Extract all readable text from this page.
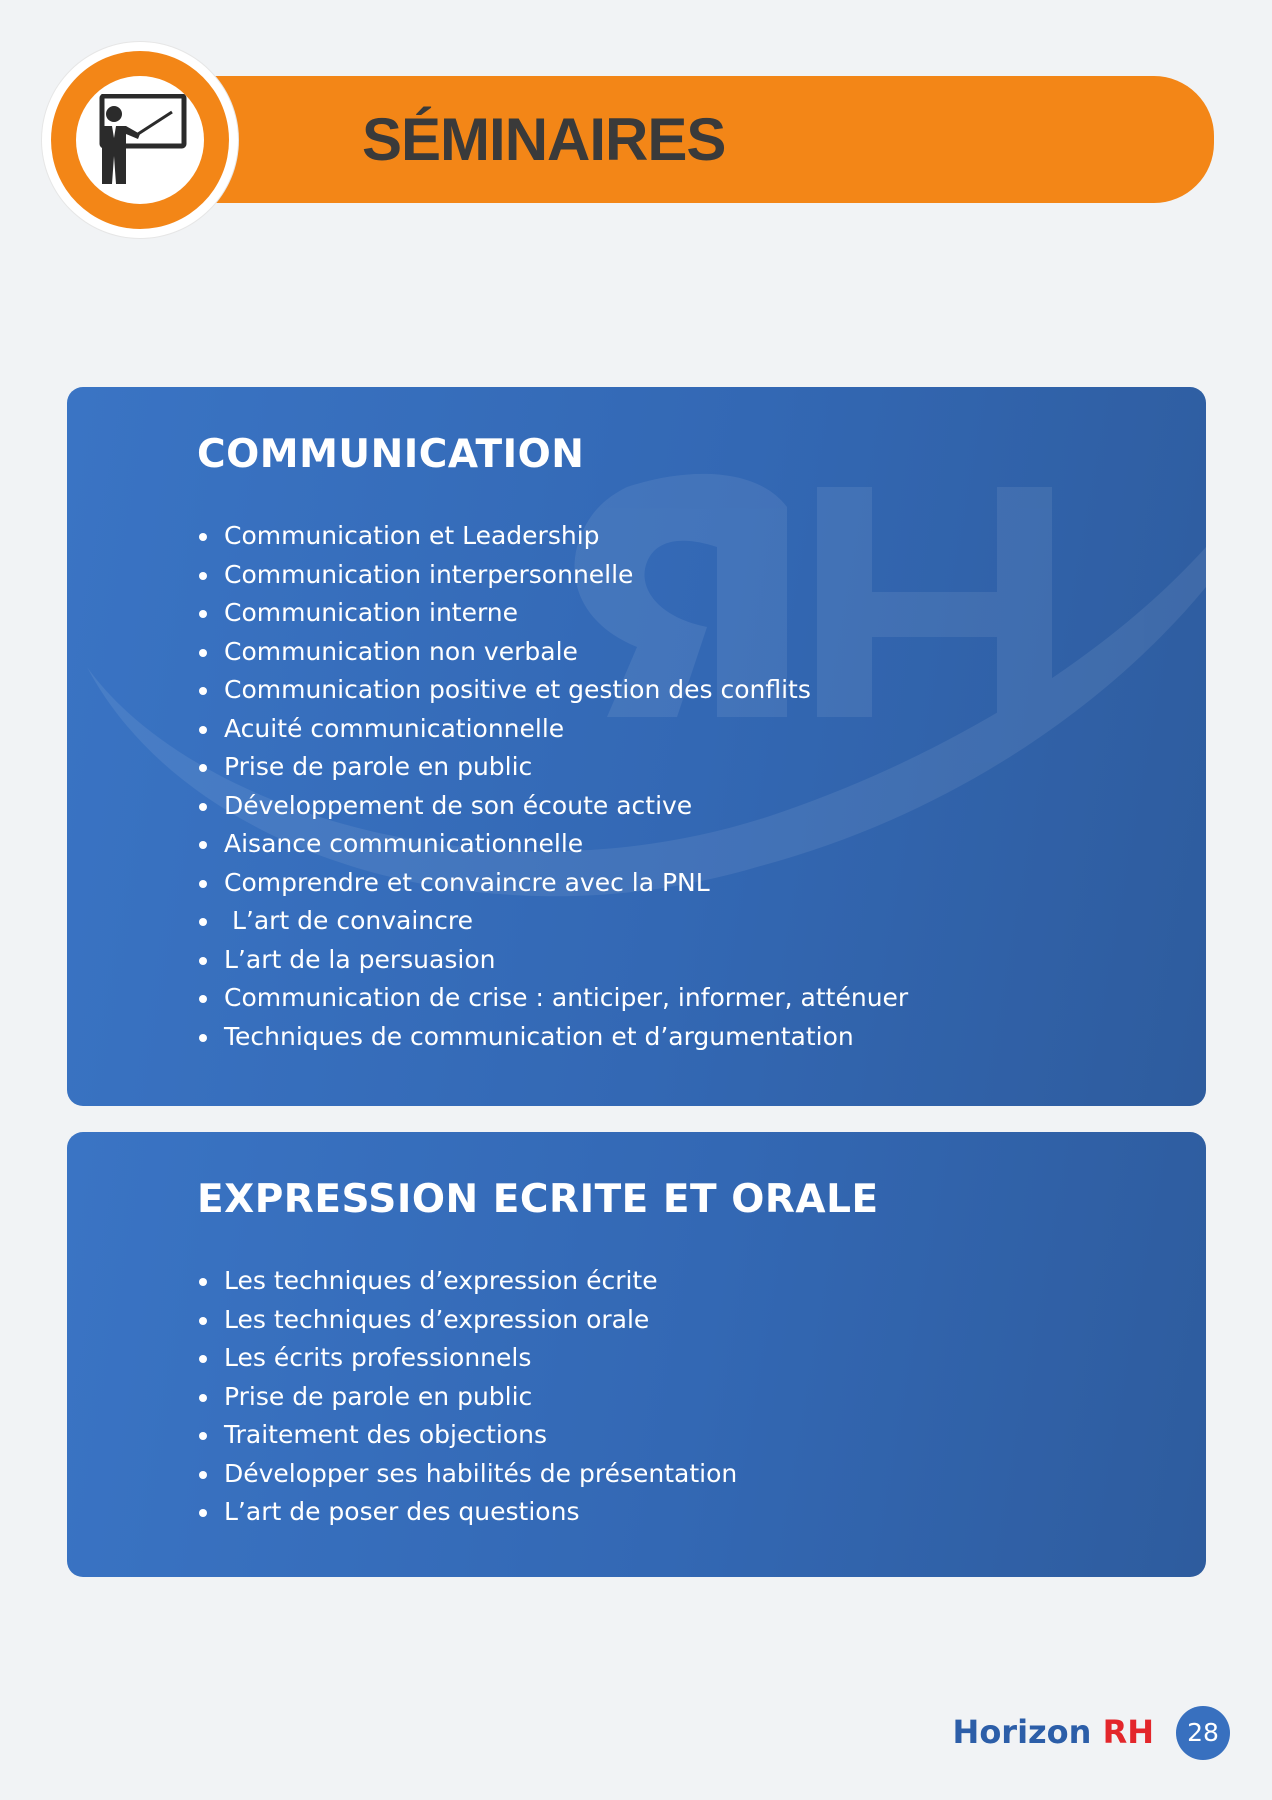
SÉMINAIRES
COMMUNICATION
Communication et Leadership
Communication interpersonnelle
Communication interne
Communication non verbale
Communication positive et gestion des conflits
Acuité communicationnelle
Prise de parole en public
Développement de son écoute active
Aisance communicationnelle
Comprendre et convaincre avec la PNL
L’art de convaincre
L’art de la persuasion
Communication de crise : anticiper, informer, atténuer
Techniques de communication et d’argumentation
EXPRESSION ECRITE ET ORALE
Les techniques d’expression écrite
Les techniques d’expression orale
Les écrits professionnels
Prise de parole en public
Traitement des objections
Développer ses habilités de présentation
L’art de poser des questions
Horizon RH	28
